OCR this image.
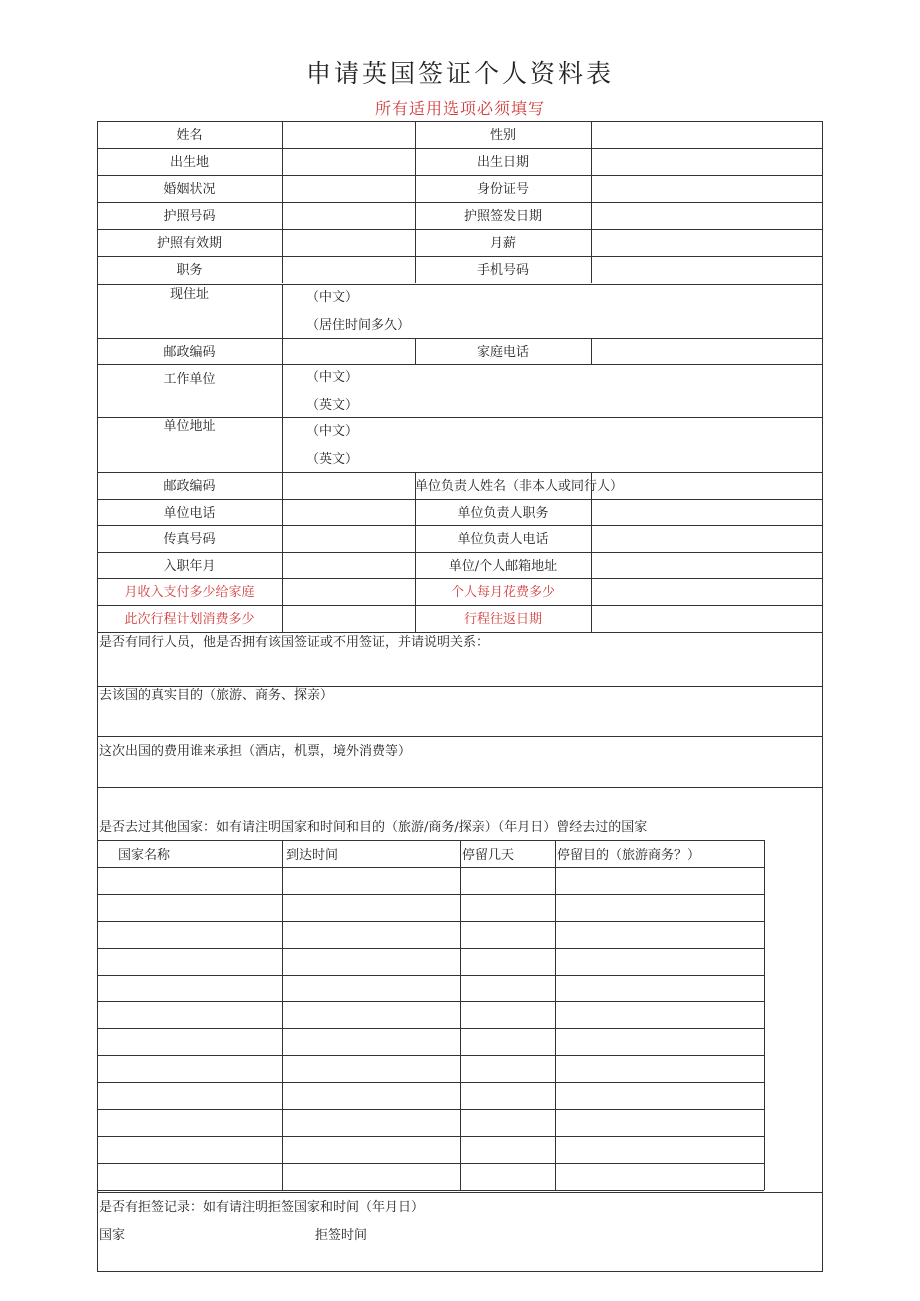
申请英国签证个人资料表
所有适用选项必须填写
姓名	性别
出生地	出生日期
婚姻状况	身份证号
护照号码	护照签发日期
护照有效期	月薪
职务	手机号码
现住址	（中文）
（居住时间多久）
邮政编码	家庭电话
工作单位	（中文）
（英文）
单位地址	（中文）
（英文）
邮政编码	单位负责人姓名（非本人或同行人）
单位电话	单位负责人职务
传真号码	单位负责人电话
入职年月	单位/个人邮箱地址
月收入支付多少给家庭	个人每月花费多少
此次行程计划消费多少	行程往返日期
是否有同行人员，他是否拥有该国签证或不用签证，并请说明关系：
去该国的真实目的（旅游、商务、探亲）
这次出国的费用谁来承担（酒店，机票，境外消费等）
是否去过其他国家：如有请注明国家和时间和目的（旅游/商务/探亲）（年月日）曾经去过的国家
国家名称	到达时间	停留几天	停留目的（旅游商务？）
是否有拒签记录：如有请注明拒签国家和时间（年月日）
国家	拒签时间
